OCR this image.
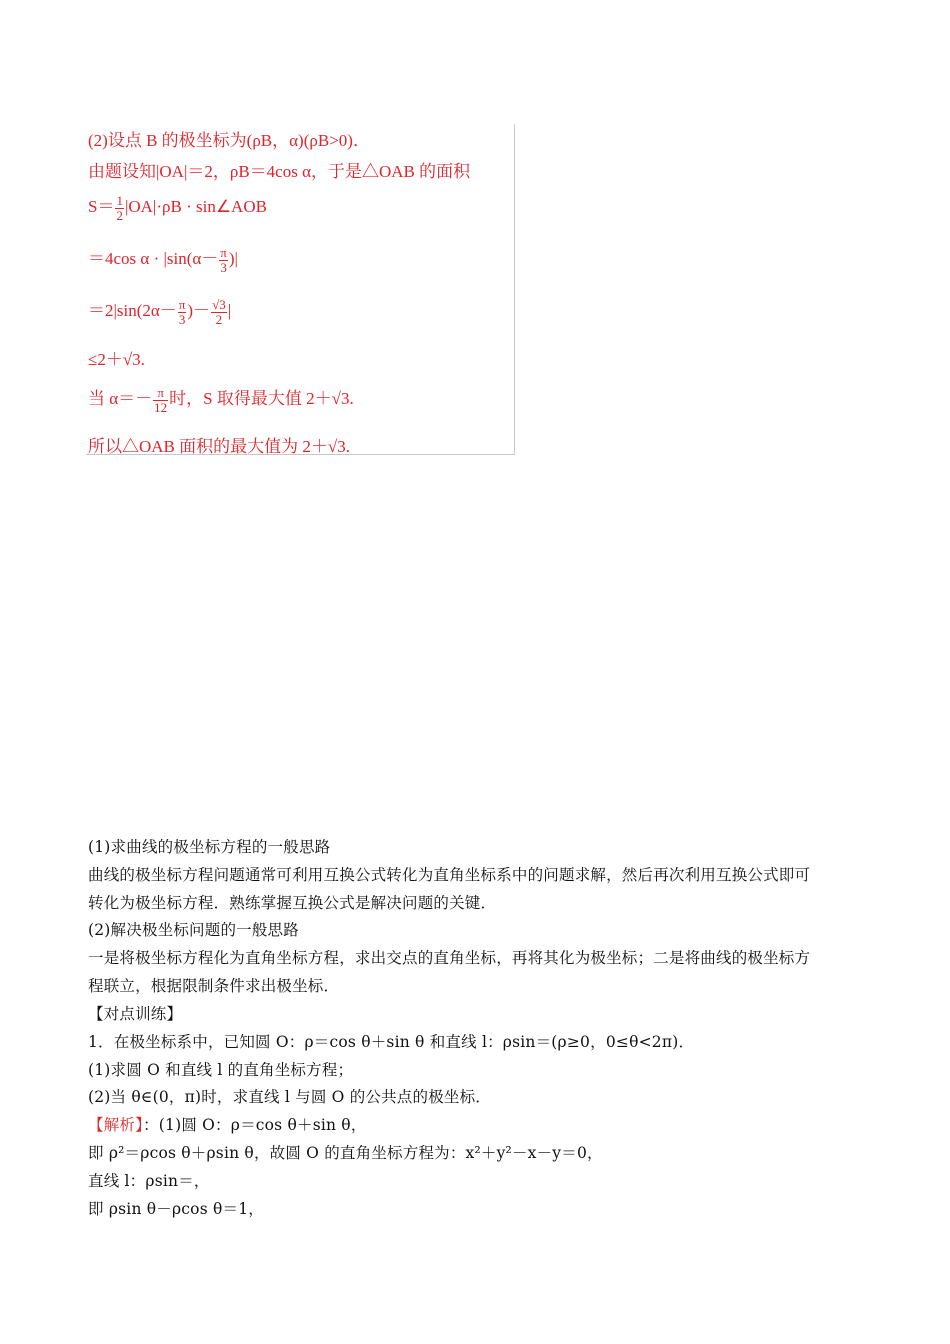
(2)设点 B 的极坐标为(ρB，α)(ρB>0)．
由题设知|OA|＝2，ρB＝4cos α，于是△OAB 的面积
$S= \frac{1}{2} |OA|\cdot\rho B$ · sin∠AOB
＝4cos $\alpha \cdot |\sin(\alpha- \frac{\pi}{3}$ )|
$=2|\sin(2\alpha- \frac{\pi}{3}$ )－ $\frac{√3}{2}$ |
≤2＋√3.
当 $\alpha=- \frac{\pi}{12}$ 时，S 取得最大值 2＋√3.
所以△OAB 面积的最大值为 2＋√3.
(1)求曲线的极坐标方程的一般思路
曲线的极坐标方程问题通常可利用互换公式转化为直角坐标系中的问题求解，然后再次利用互换公式即可
转化为极坐标方程．熟练掌握互换公式是解决问题的关键．
(2)解决极坐标问题的一般思路
一是将极坐标方程化为直角坐标方程，求出交点的直角坐标，再将其化为极坐标；二是将曲线的极坐标方
程联立，根据限制条件求出极坐标．
【对点训练】
1．在极坐标系中，已知圆 O：ρ＝cos θ＋sin θ 和直线 l：ρsin＝(ρ≥0，0≤θ<2π)．
(1)求圆 O 和直线 l 的直角坐标方程；
(2)当 θ∈(0，π)时，求直线 l 与圆 O 的公共点的极坐标．
【解析】：(1)圆 O：ρ＝cos θ＋sin θ，
即 ρ²＝ρcos θ＋ρsin θ，故圆 O 的直角坐标方程为：x²＋y²－x－y＝0，
直线 l：ρsin＝，
即 ρsin θ－ρcos θ＝1，
